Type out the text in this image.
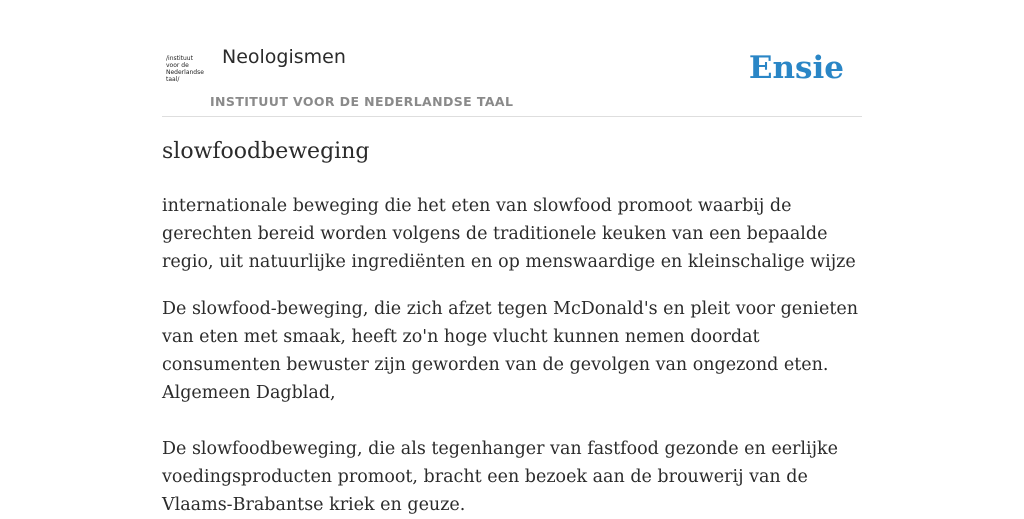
/instituut
voor de
Nederlandse
taal/
Neologismen
INSTITUUT VOOR DE NEDERLANDSE TAAL
Ensie
slowfoodbeweging

internationale beweging die het eten van slowfood promoot waarbij de gerechten bereid worden volgens de traditionele keuken van een bepaalde regio, uit natuurlijke ingrediënten en op menswaardige en kleinschalige wijze

De slowfood-beweging, die zich afzet tegen McDonald's en pleit voor genieten van eten met smaak, heeft zo'n hoge vlucht kunnen nemen doordat consumenten bewuster zijn geworden van de gevolgen van ongezond eten.

Algemeen Dagblad,

De slowfoodbeweging, die als tegenhanger van fastfood gezonde en eerlijke voedingsproducten promoot, bracht een bezoek aan de brouwerij van de Vlaams-Brabantse kriek en geuze.
